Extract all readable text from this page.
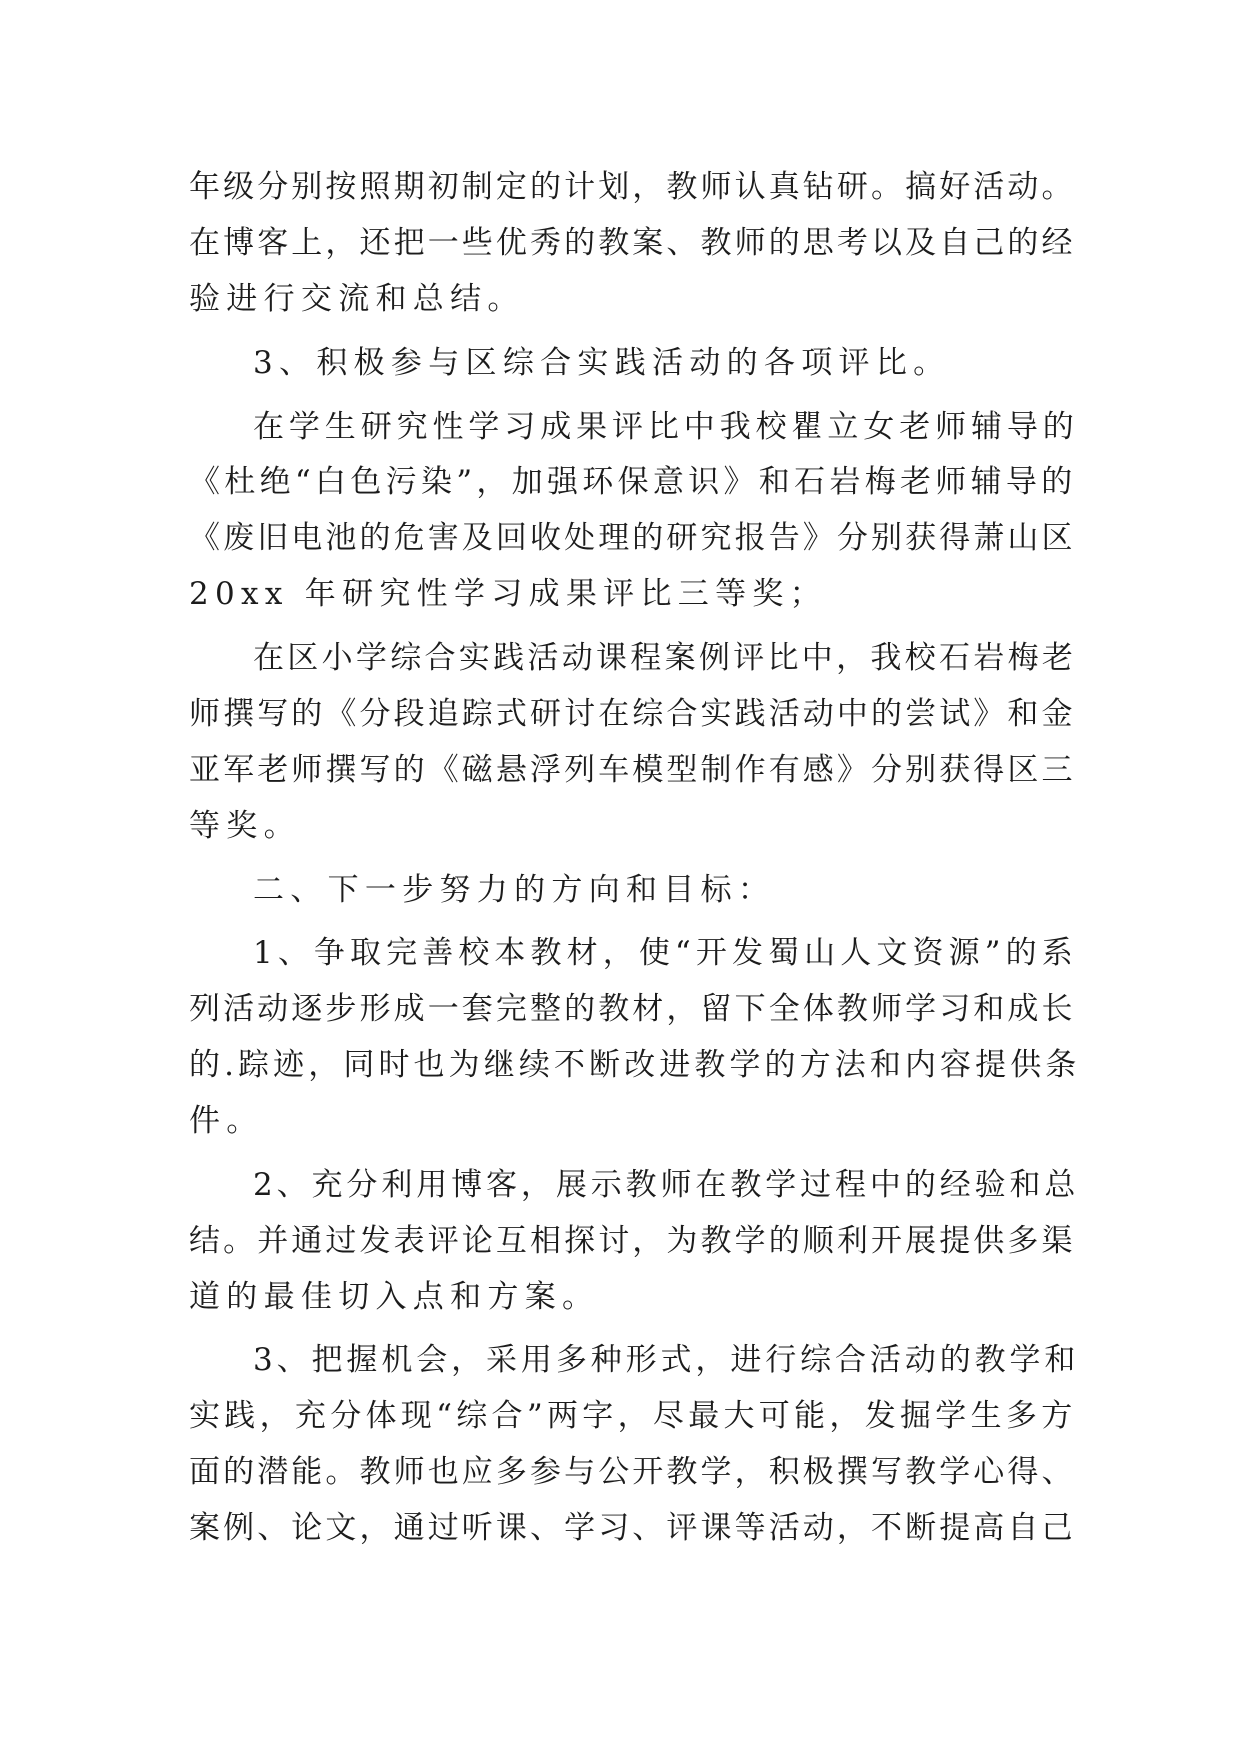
年级分别按照期初制定的计划，教师认真钻研。搞好活动。
在博客上，还把一些优秀的教案、教师的思考以及自己的经
验进行交流和总结。
3、积极参与区综合实践活动的各项评比。
在学生研究性学习成果评比中我校瞿立女老师辅导的
《杜绝“白色污染”，加强环保意识》和石岩梅老师辅导的
《废旧电池的危害及回收处理的研究报告》分别获得萧山区
20xx 年研究性学习成果评比三等奖；
在区小学综合实践活动课程案例评比中，我校石岩梅老
师撰写的《分段追踪式研讨在综合实践活动中的尝试》和金
亚军老师撰写的《磁悬浮列车模型制作有感》分别获得区三
等奖。
二、下一步努力的方向和目标：
1、争取完善校本教材，使“开发蜀山人文资源”的系
列活动逐步形成一套完整的教材，留下全体教师学习和成长
的.踪迹，同时也为继续不断改进教学的方法和内容提供条
件。
2、充分利用博客，展示教师在教学过程中的经验和总
结。并通过发表评论互相探讨，为教学的顺利开展提供多渠
道的最佳切入点和方案。
3、把握机会，采用多种形式，进行综合活动的教学和
实践，充分体现“综合”两字，尽最大可能，发掘学生多方
面的潜能。教师也应多参与公开教学，积极撰写教学心得、
案例、论文，通过听课、学习、评课等活动，不断提高自己
